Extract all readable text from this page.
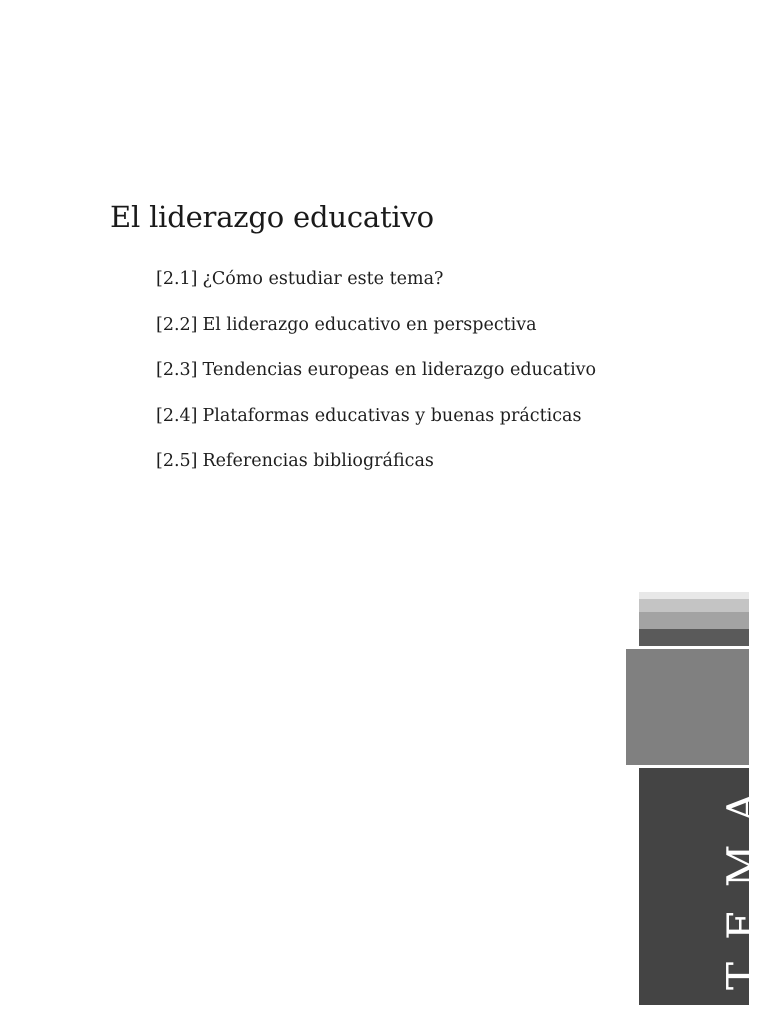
El liderazgo educativo
[2.1] ¿Cómo estudiar este tema?
[2.2] El liderazgo educativo en perspectiva
[2.3] Tendencias europeas en liderazgo educativo
[2.4] Plataformas educativas y buenas prácticas
[2.5] Referencias bibliográficas
TEMA
